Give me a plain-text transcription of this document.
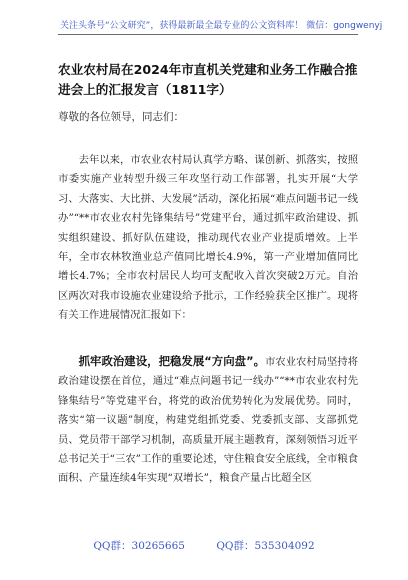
关注头条号“公文研究”，获得最新最全最专业的公文资料库！ 微信：gongwenyj
农业农村局在2024年市直机关党建和业务工作融合推进会上的汇报发言（1811字）
尊敬的各位领导，同志们：
去年以来，市农业农村局认真学方略、谋创新、抓落实，按照市委实施产业转型升级三年攻坚行动工作部署，扎实开展“大学习、大落实、大比拼、大发展”活动，深化拓展“难点问题书记一线办”“**市农业农村先锋集结号”党建平台，通过抓牢政治建设、抓实组织建设、抓好队伍建设，推动现代农业产业提质增效。上半年，全市农林牧渔业总产值同比增长4.9%，第一产业增加值同比增长4.7%；全市农村居民人均可支配收入首次突破2万元。自治区两次对我市设施农业建设给予批示，工作经验获全区推广。现将有关工作进展情况汇报如下：
抓牢政治建设，把稳发展“方向盘”。市农业农村局坚持将政治建设摆在首位，通过“难点问题书记一线办”“**市农业农村先锋集结号”等党建平台，将党的政治优势转化为发展优势。同时，落实“第一议题”制度，构建党组抓党委、党委抓支部、支部抓党员、党员带干部学习机制，高质量开展主题教育，深刻领悟习近平总书记关于“三农”工作的重要论述，守住粮食安全底线，全市粮食面积、产量连续4年实现“双增长”，粮食产量占比超全区
QQ群：30265665	QQ群：535304092
